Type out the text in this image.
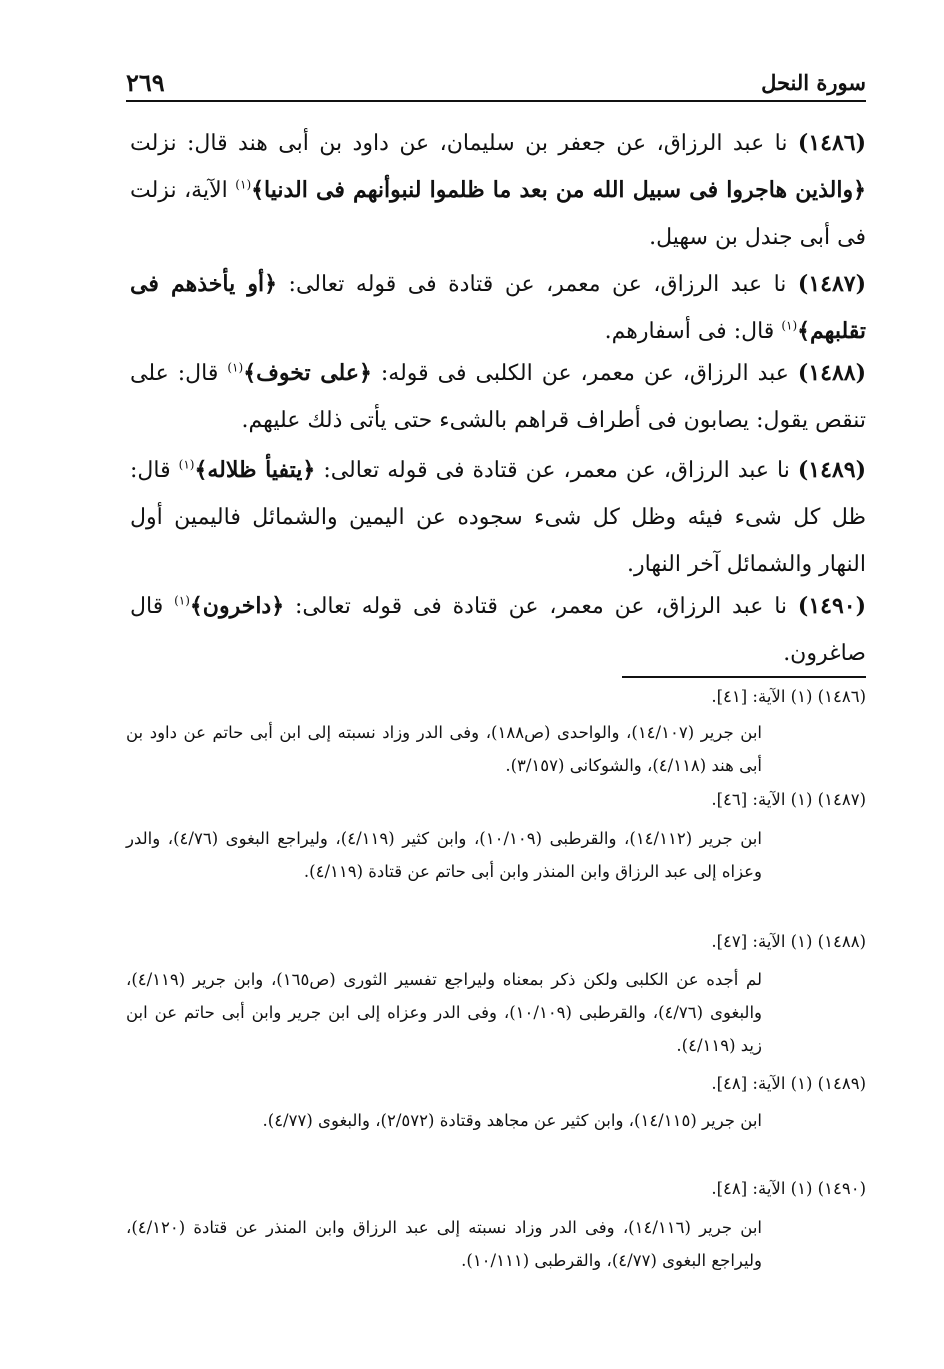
سورة النحل
٢٦٩
(١٤٨٦) نا عبد الرزاق، عن جعفر بن سليمان، عن داود بن أبى هند قال: نزلت ﴿والذين هاجروا فى سبيل الله من بعد ما ظلموا لنبوأنهم فى الدنيا﴾$^{(١)}$ الآية، نزلت فى أبى جندل بن سهيل.
(١٤٨٧) نا عبد الرزاق، عن معمر، عن قتادة فى قوله تعالى: ﴿أو يأخذهم فى تقلبهم﴾$^{(١)}$ قال: فى أسفارهم.
(١٤٨٨) عبد الرزاق، عن معمر، عن الكلبى فى قوله: ﴿على تخوف﴾$^{(١)}$ قال: على تنقص يقول: يصابون فى أطراف قراهم بالشىء حتى يأتى ذلك عليهم.
(١٤٨٩) نا عبد الرزاق، عن معمر، عن قتادة فى قوله تعالى: ﴿يتفيأ ظلاله﴾$^{(١)}$ قال: ظل كل شىء فيئه وظل كل شىء سجوده عن اليمين والشمائل فاليمين أول النهار والشمائل آخر النهار.
(١٤٩٠) نا عبد الرزاق، عن معمر، عن قتادة فى قوله تعالى: ﴿داخرون﴾$^{(١)}$ قال صاغرون.
(١٤٨٦) (١) الآية: [٤١].
ابن جرير (١٤/١٠٧)، والواحدى (ص١٨٨)، وفى الدر وزاد نسبته إلى ابن أبى حاتم عن داود بن أبى هند (٤/١١٨)، والشوكانى (٣/١٥٧).
(١٤٨٧) (١) الآية: [٤٦].
ابن جرير (١٤/١١٢)، والقرطبى (١٠/١٠٩)، وابن كثير (٤/١١٩)، وليراجع البغوى (٤/٧٦)، والدر وعزاه إلى عبد الرزاق وابن المنذر وابن أبى حاتم عن قتادة (٤/١١٩).
(١٤٨٨) (١) الآية: [٤٧].
لم أجده عن الكلبى ولكن ذكر بمعناه وليراجع تفسير الثورى (ص١٦٥)، وابن جرير (٤/١١٩)، والبغوى (٤/٧٦)، والقرطبى (١٠/١٠٩)، وفى الدر وعزاه إلى ابن جرير وابن أبى حاتم عن ابن زيد (٤/١١٩).
(١٤٨٩) (١) الآية: [٤٨].
ابن جرير (١٤/١١٥)، وابن كثير عن مجاهد وقتادة (٢/٥٧٢)، والبغوى (٤/٧٧).
(١٤٩٠) (١) الآية: [٤٨].
ابن جرير (١٤/١١٦)، وفى الدر وزاد نسبته إلى عبد الرزاق وابن المنذر عن قتادة (٤/١٢٠)، وليراجع البغوى (٤/٧٧)، والقرطبى (١٠/١١١).
